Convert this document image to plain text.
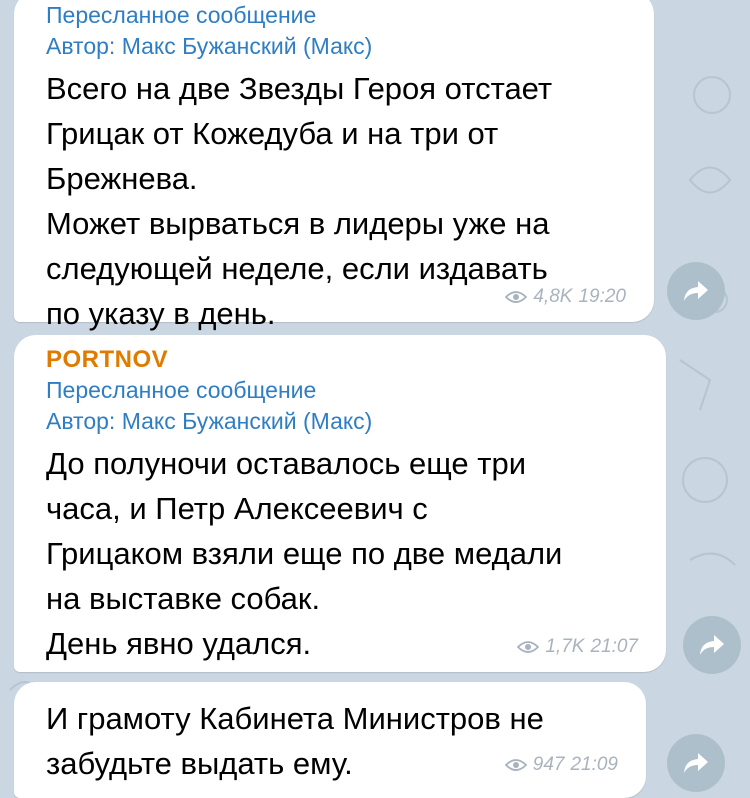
Пересланное сообщение
Автор: Макс Бужанский (Макс)
Всего на две Звезды Героя отстает
Грицак от Кожедуба и на три от
Брежнева.
Может вырваться в лидеры уже на
следующей неделе, если издавать
по указу в день.	4,8K 19:20
PORTNOV
Пересланное сообщение
Автор: Макс Бужанский (Макс)
До полуночи оставалось еще три
часа, и Петр Алексеевич с
Грицаком взяли еще по две медали
на выставке собак.
День явно удался.	1,7K 21:07
И грамоту Кабинета Министров не
забудьте выдать ему.	947 21:09
